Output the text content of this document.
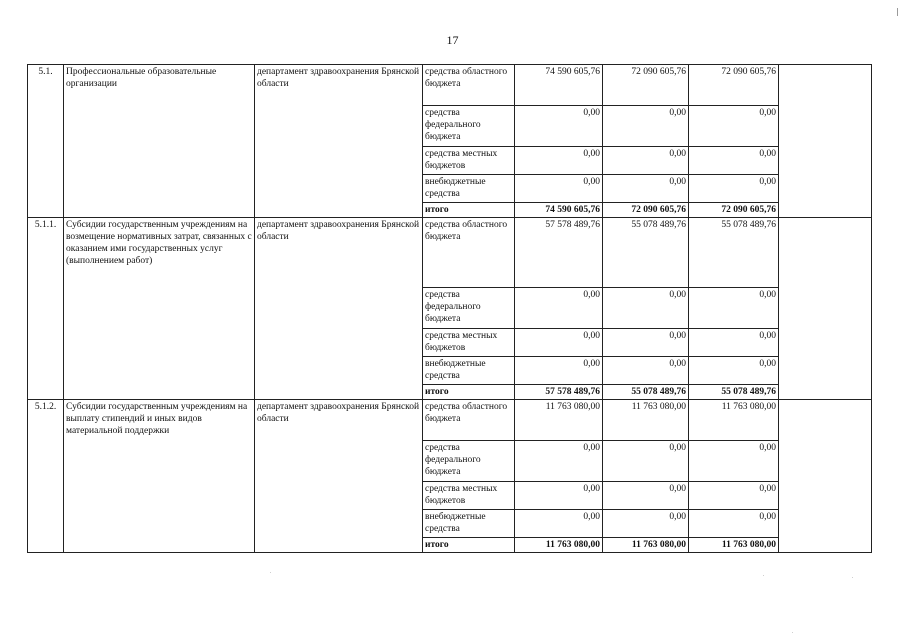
17
5.1.	Профессиональные образовательные организации	департамент здравоохранения Брянской области	средства областного бюджета	74 590 605,76	72 090 605,76	72 090 605,76	
			средства федерального бюджета	0,00	0,00	0,00	
			средства местных бюджетов	0,00	0,00	0,00	
			внебюджетные средства	0,00	0,00	0,00	
			итого	74 590 605,76	72 090 605,76	72 090 605,76	
5.1.1.	Субсидии государственным учреждениям на возмещение нормативных затрат, связанных с оказанием ими государственных услуг (выполнением работ)	департамент здравоохранения Брянской области	средства областного бюджета	57 578 489,76	55 078 489,76	55 078 489,76	
			средства федерального бюджета	0,00	0,00	0,00	
			средства местных бюджетов	0,00	0,00	0,00	
			внебюджетные средства	0,00	0,00	0,00	
			итого	57 578 489,76	55 078 489,76	55 078 489,76	
5.1.2.	Субсидии государственным учреждениям на выплату стипендий и иных видов материальной поддержки	департамент здравоохранения Брянской области	средства областного бюджета	11 763 080,00	11 763 080,00	11 763 080,00	
			средства федерального бюджета	0,00	0,00	0,00	
			средства местных бюджетов	0,00	0,00	0,00	
			внебюджетные средства	0,00	0,00	0,00	
			итого	11 763 080,00	11 763 080,00	11 763 080,00	
